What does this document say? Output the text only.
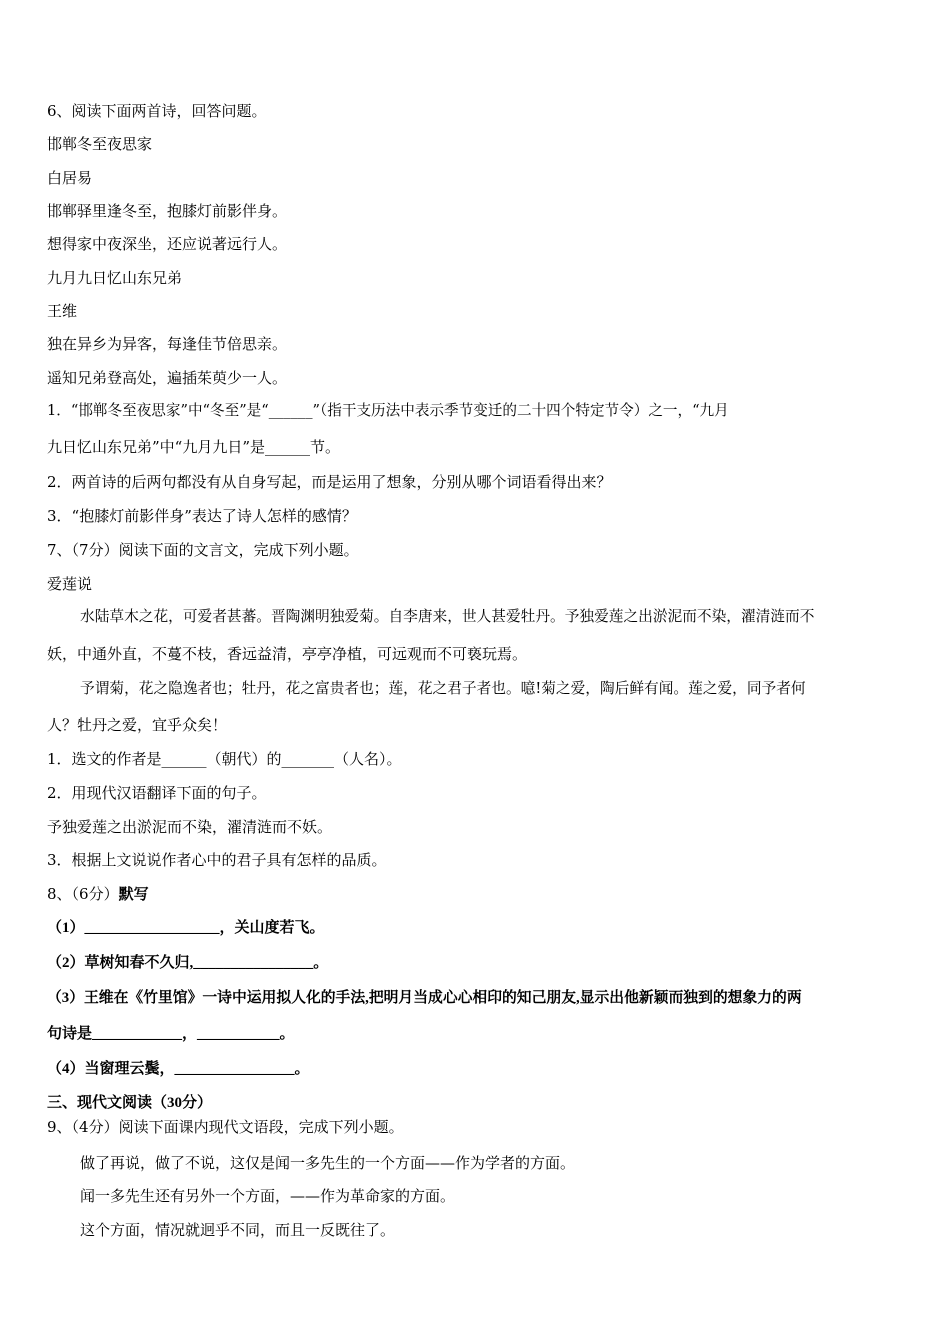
6、阅读下面两首诗，回答问题。
邯郸冬至夜思家
白居易
邯郸驿里逢冬至，抱膝灯前影伴身。
想得家中夜深坐，还应说著远行人。
九月九日忆山东兄弟
王维
独在异乡为异客，每逢佳节倍思亲。
遥知兄弟登高处，遍插茱萸少一人。
1．“邯郸冬至夜思家”中“冬至”是“______”（指干支历法中表示季节变迁的二十四个特定节令）之一，“九月
九日忆山东兄弟”中“九月九日”是______节。
2．两首诗的后两句都没有从自身写起，而是运用了想象，分别从哪个词语看得出来？
3．“抱膝灯前影伴身”表达了诗人怎样的感情？
7、（7分）阅读下面的文言文，完成下列小题。
爱莲说
水陆草木之花，可爱者甚蕃。晋陶渊明独爱菊。自李唐来，世人甚爱牡丹。予独爱莲之出淤泥而不染，濯清涟而不
妖，中通外直，不蔓不枝，香远益清，亭亭净植，可远观而不可亵玩焉。
予谓菊，花之隐逸者也；牡丹，花之富贵者也；莲，花之君子者也。噫!菊之爱，陶后鲜有闻。莲之爱，同予者何
人？牡丹之爱，宜乎众矣！
1．选文的作者是______（朝代）的_______（人名）。
2．用现代汉语翻译下面的句子。
予独爱莲之出淤泥而不染，濯清涟而不妖。
3．根据上文说说作者心中的君子具有怎样的品质。
8、（6分）默写
（1）__________________，关山度若飞。
（2）草树知春不久归,________________。
（3）王维在《竹里馆》一诗中运用拟人化的手法,把明月当成心心相印的知己朋友,显示出他新颖而独到的想象力的两
句诗是____________，___________。
（4）当窗理云鬓，________________。
三、现代文阅读（30分）
9、（4分）阅读下面课内现代文语段，完成下列小题。
做了再说，做了不说，这仅是闻一多先生的一个方面——作为学者的方面。
闻一多先生还有另外一个方面，——作为革命家的方面。
这个方面，情况就迥乎不同，而且一反既往了。
